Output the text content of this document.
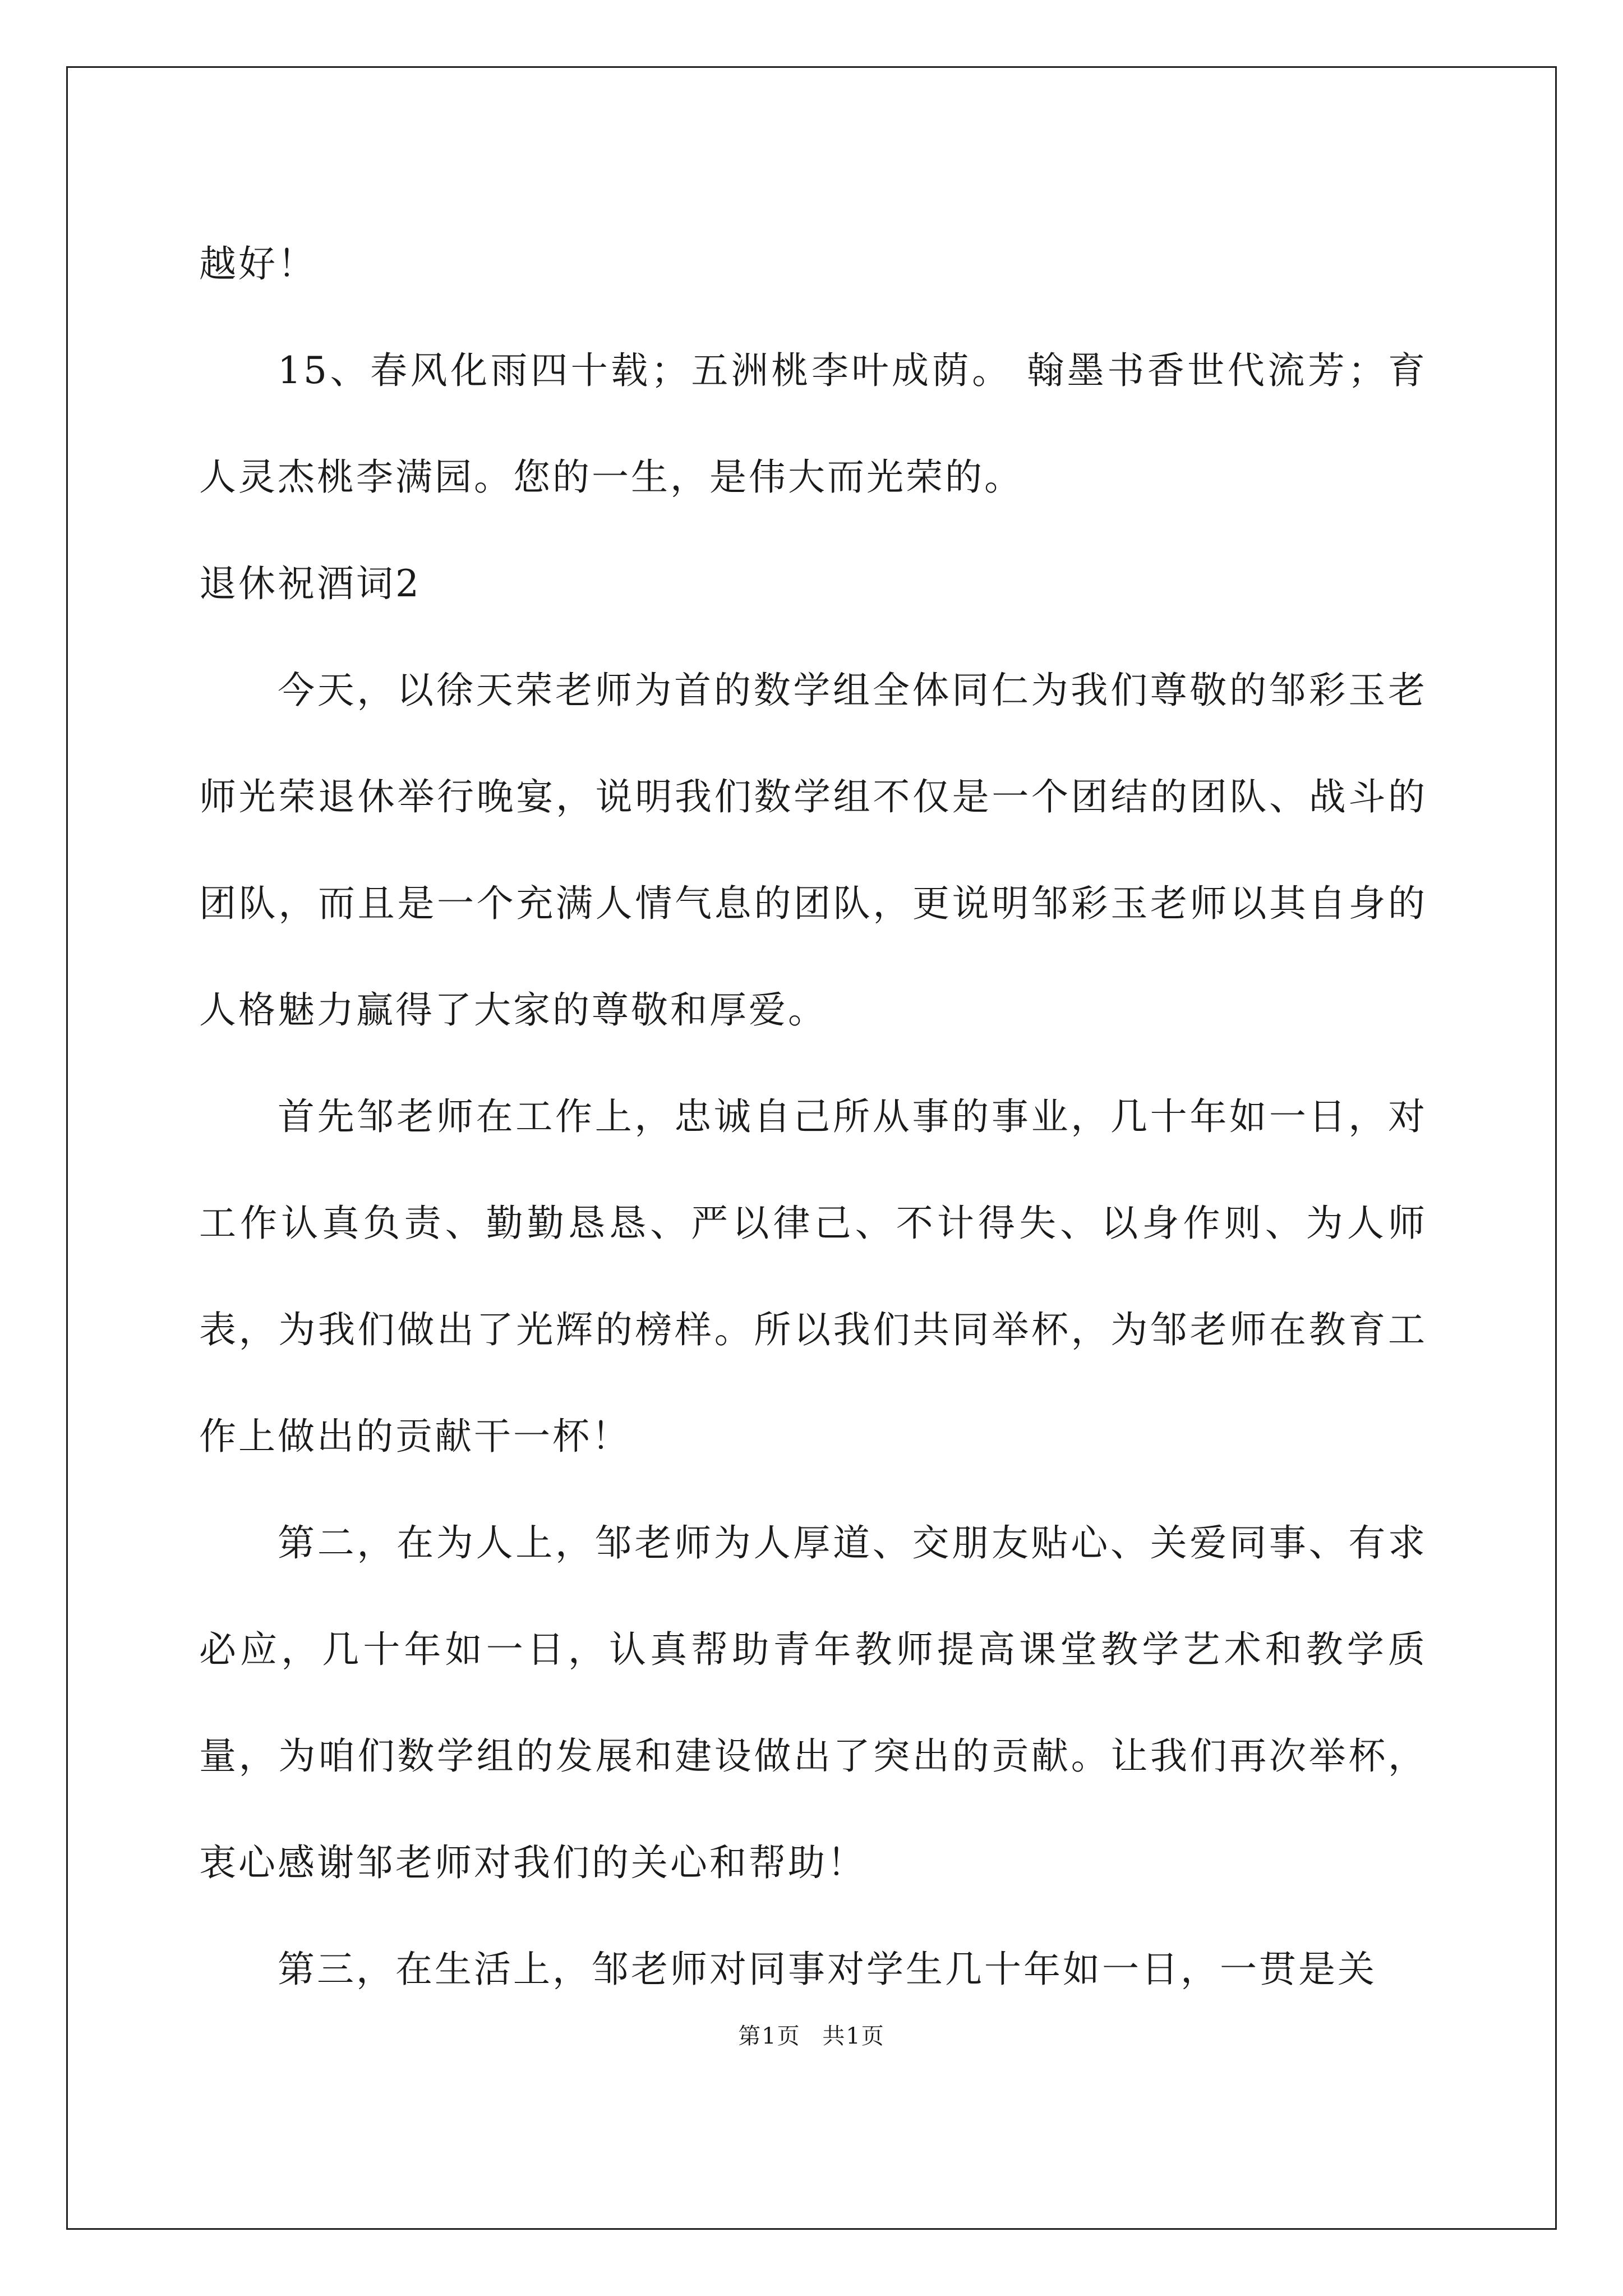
越好！

15、春风化雨四十载；五洲桃李叶成荫。 翰墨书香世代流芳；育人灵杰桃李满园。您的一生，是伟大而光荣的。

退休祝酒词2

今天，以徐天荣老师为首的数学组全体同仁为我们尊敬的邹彩玉老师光荣退休举行晚宴，说明我们数学组不仅是一个团结的团队、战斗的团队，而且是一个充满人情气息的团队，更说明邹彩玉老师以其自身的人格魅力赢得了大家的尊敬和厚爱。

首先邹老师在工作上，忠诚自己所从事的事业，几十年如一日，对工作认真负责、勤勤恳恳、严以律己、不计得失、以身作则、为人师表，为我们做出了光辉的榜样。所以我们共同举杯，为邹老师在教育工作上做出的贡献干一杯！

第二，在为人上，邹老师为人厚道、交朋友贴心、关爱同事、有求必应，几十年如一日，认真帮助青年教师提高课堂教学艺术和教学质量，为咱们数学组的发展和建设做出了突出的贡献。让我们再次举杯，衷心感谢邹老师对我们的关心和帮助！

第三，在生活上，邹老师对同事对学生几十年如一日，一贯是关

第1页 共1页
